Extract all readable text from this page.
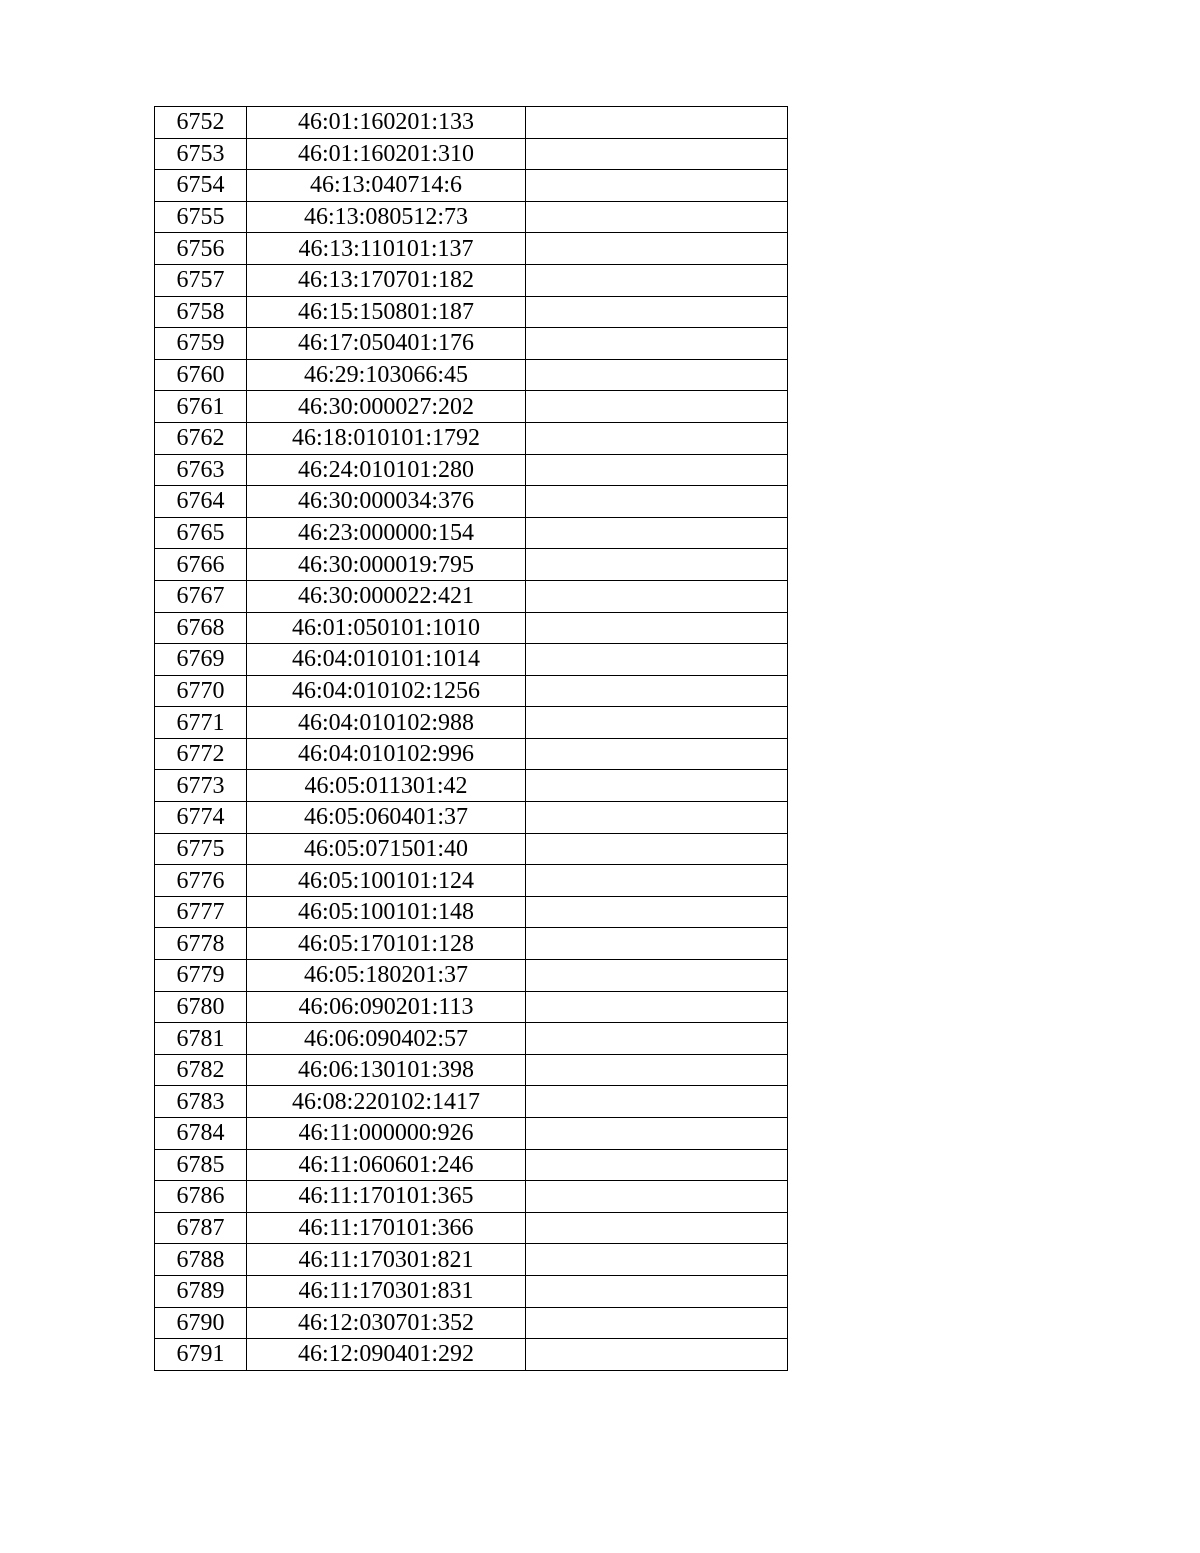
6752	46:01:160201:133	
6753	46:01:160201:310	
6754	46:13:040714:6	
6755	46:13:080512:73	
6756	46:13:110101:137	
6757	46:13:170701:182	
6758	46:15:150801:187	
6759	46:17:050401:176	
6760	46:29:103066:45	
6761	46:30:000027:202	
6762	46:18:010101:1792	
6763	46:24:010101:280	
6764	46:30:000034:376	
6765	46:23:000000:154	
6766	46:30:000019:795	
6767	46:30:000022:421	
6768	46:01:050101:1010	
6769	46:04:010101:1014	
6770	46:04:010102:1256	
6771	46:04:010102:988	
6772	46:04:010102:996	
6773	46:05:011301:42	
6774	46:05:060401:37	
6775	46:05:071501:40	
6776	46:05:100101:124	
6777	46:05:100101:148	
6778	46:05:170101:128	
6779	46:05:180201:37	
6780	46:06:090201:113	
6781	46:06:090402:57	
6782	46:06:130101:398	
6783	46:08:220102:1417	
6784	46:11:000000:926	
6785	46:11:060601:246	
6786	46:11:170101:365	
6787	46:11:170101:366	
6788	46:11:170301:821	
6789	46:11:170301:831	
6790	46:12:030701:352	
6791	46:12:090401:292	
